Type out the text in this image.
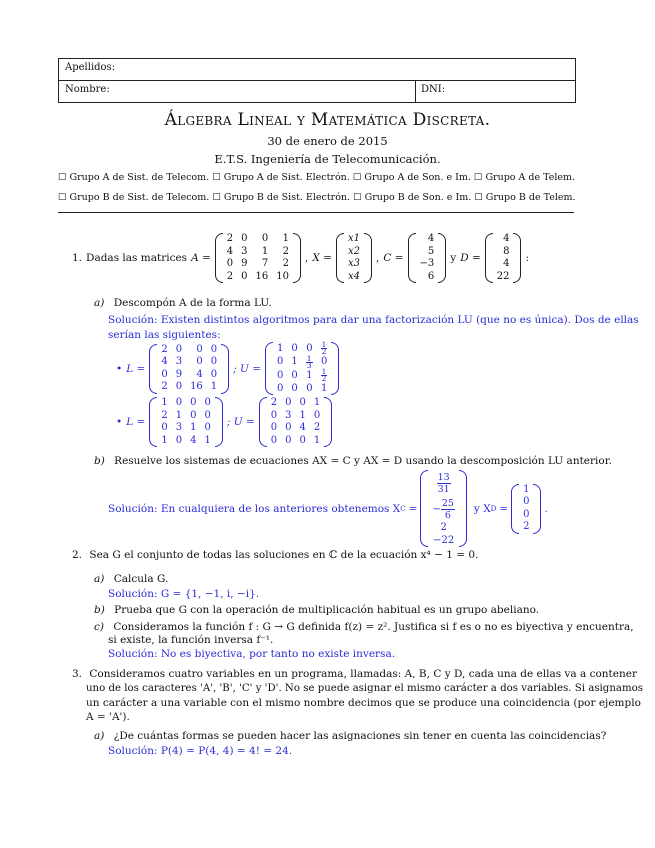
Apellidos:
Nombre:	DNI:
Álgebra Lineal y Matemática Discreta.
30 de enero de 2015
E.T.S. Ingeniería de Telecomunicación.
☐ Grupo A de Sist. de Telecom. ☐ Grupo A de Sist. Electrón. ☐ Grupo A de Son. e Im. ☐ Grupo A de Telem.
☐ Grupo B de Sist. de Telecom. ☐ Grupo B de Sist. Electrón. ☐ Grupo B de Son. e Im. ☐ Grupo B de Telem.
1. Dadas las matrices A =
2	0	0	1
4	3	1	2
0	9	7	2
2	0	16	10
, X =
x1
x2
x3
x4
, C =
4
5
−3
6
y D =
4
8
4
22
:
a) Descompón A de la forma LU.
Solución: Existen distintos algoritmos para dar una factorización LU (que no es única). Dos de ellas
serían las siguientes:
• L =
2	0	0	0
4	3	0	0
0	9	4	0
2	0	16	1
; U =
1	0	0	$\frac{1}{2}$

0	1	$\frac{1}{3}$	0
0	0	1	$\frac{1}{2}$

0	0	0	1
• L =
1	0	0	0
2	1	0	0
0	3	1	0
1	0	4	1
; U =
2	0	0	1
0	3	1	0
0	0	4	2
0	0	0	1
b) Resuelve los sistemas de ecuaciones AX = C y AX = D usando la descomposición LU anterior.
Solución: En cualquiera de los anteriores obtenemos X C =
$\frac{13}{31}$

− $\frac{25}{6}$

2
−22
y X D =
1
0
0
2
.
2. Sea G el conjunto de todas las soluciones en ℂ de la ecuación x⁴ − 1 = 0.
a) Calcula G.
Solución: G = {1, −1, i, −i}.
b) Prueba que G con la operación de multiplicación habitual es un grupo abeliano.
c) Consideramos la función f : G → G definida f(z) = z². Justifica si f es o no es biyectiva y encuentra,
si existe, la función inversa f⁻¹.
Solución: No es biyectiva, por tanto no existe inversa.
3. Consideramos cuatro variables en un programa, llamadas: A, B, C y D, cada una de ellas va a contener
uno de los caracteres 'A', 'B', 'C' y 'D'. No se puede asignar el mismo carácter a dos variables. Si asignamos
un carácter a una variable con el mismo nombre decimos que se produce una coincidencia (por ejemplo
A = 'A').
a) ¿De cuántas formas se pueden hacer las asignaciones sin tener en cuenta las coincidencias?
Solución: P(4) = P(4, 4) = 4! = 24.
